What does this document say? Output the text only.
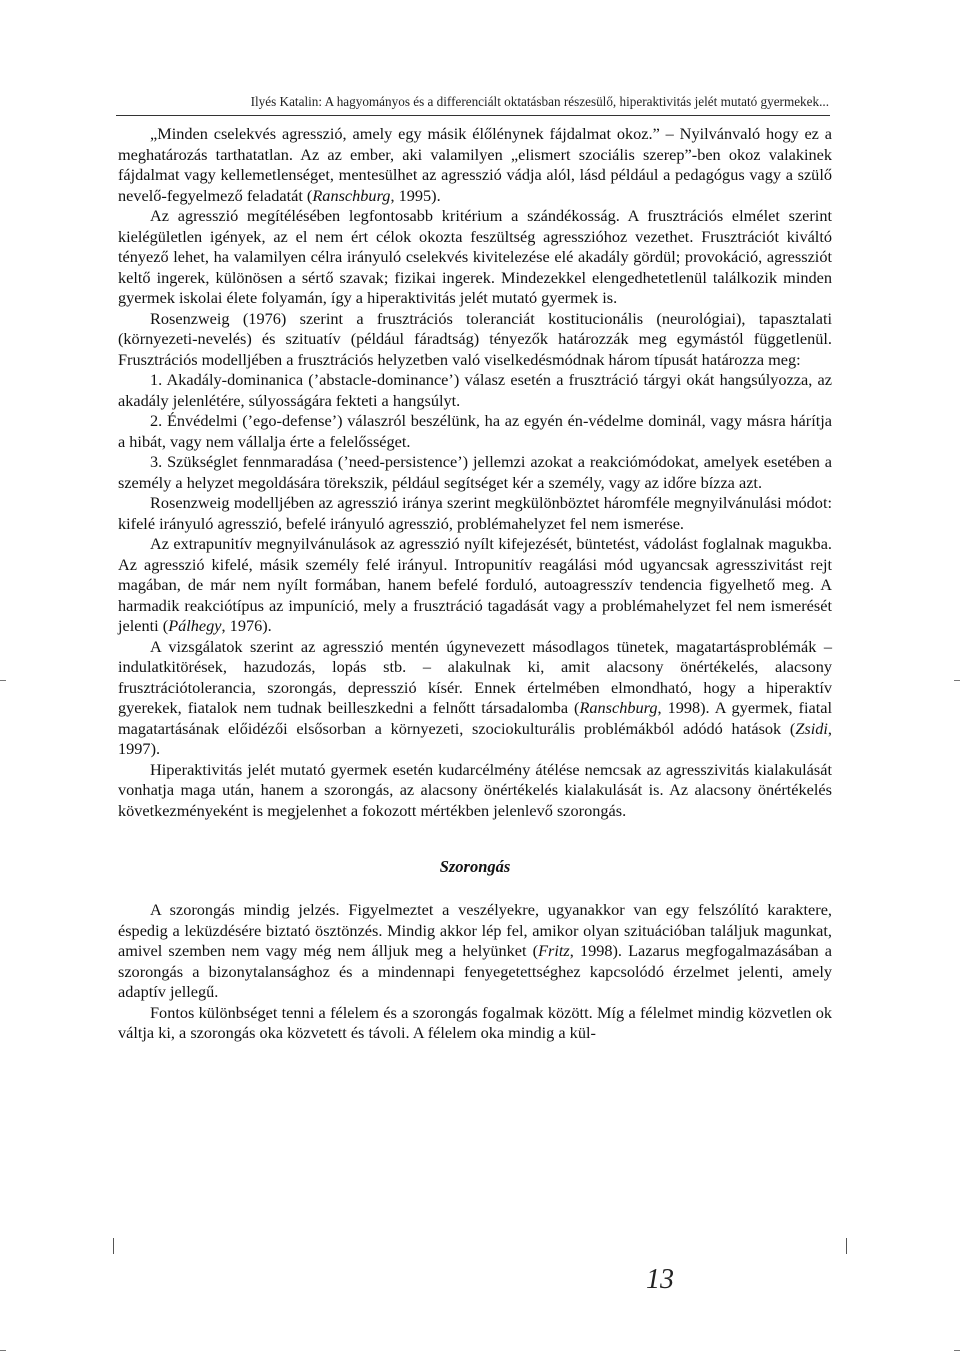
Ilyés Katalin: A hagyományos és a differenciált oktatásban részesülő, hiperaktivitás jelét mutató gyermekek...

„Minden cselekvés agresszió, amely egy másik élőlénynek fájdalmat okoz.” – Nyilvánvaló hogy ez a meghatározás tarthatatlan. Az az ember, aki valamilyen „elismert szociális szerep”-ben okoz valakinek fájdalmat vagy kellemetlenséget, mentesülhet az agresszió vádja alól, lásd például a pedagógus vagy a szülő nevelő-fegyelmező feladatát (Ranschburg, 1995).

Az agresszió megítélésében legfontosabb kritérium a szándékosság. A frusztrációs elmélet szerint kielégületlen igények, az el nem ért célok okozta feszültség agresszióhoz vezethet. Frusztrációt kiváltó tényező lehet, ha valamilyen célra irányuló cselekvés kivitelezése elé akadály gördül; provokáció, agressziót keltő ingerek, különösen a sértő szavak; fizikai ingerek. Mindezekkel elengedhetetlenül találkozik minden gyermek iskolai élete folyamán, így a hiperaktivitás jelét mutató gyermek is.

Rosenzweig (1976) szerint a frusztrációs toleranciát kostitucionális (neurológiai), tapasztalati (környezeti-nevelés) és szituatív (például fáradtság) tényezők határozzák meg egymástól függetlenül. Frusztrációs modelljében a frusztrációs helyzetben való viselkedésmódnak három típusát határozza meg:

1. Akadály-dominanica (’abstacle-dominance’) válasz esetén a frusztráció tárgyi okát hangsúlyozza, az akadály jelenlétére, súlyosságára fekteti a hangsúlyt.

2. Énvédelmi (’ego-defense’) válaszról beszélünk, ha az egyén én-védelme dominál, vagy másra hárítja a hibát, vagy nem vállalja érte a felelősséget.

3. Szükséglet fennmaradása (’need-persistence’) jellemzi azokat a reakciómódokat, amelyek esetében a személy a helyzet megoldására törekszik, például segítséget kér a személy, vagy az időre bízza azt.

Rosenzweig modelljében az agresszió iránya szerint megkülönböztet háromféle megnyilvánulási módot: kifelé irányuló agresszió, befelé irányuló agresszió, problémahelyzet fel nem ismerése.

Az extrapunitív megnyilvánulások az agresszió nyílt kifejezését, büntetést, vádolást foglalnak magukba. Az agresszió kifelé, másik személy felé irányul. Intropunitív reagálási mód ugyancsak agresszivitást rejt magában, de már nem nyílt formában, hanem befelé forduló, autoagresszív tendencia figyelhető meg. A harmadik reakciótípus az impuníció, mely a frusztráció tagadását vagy a problémahelyzet fel nem ismerését jelenti (Pálhegy, 1976).

A vizsgálatok szerint az agresszió mentén úgynevezett másodlagos tünetek, magatartásproblémák – indulatkitörések, hazudozás, lopás stb. – alakulnak ki, amit alacsony önértékelés, alacsony frusztrációtolerancia, szorongás, depresszió kísér. Ennek értelmében elmondható, hogy a hiperaktív gyerekek, fiatalok nem tudnak beilleszkedni a felnőtt társadalomba (Ranschburg, 1998). A gyermek, fiatal magatartásának előidézői elsősorban a környezeti, szociokulturális problémákból adódó hatások (Zsidi, 1997).

Hiperaktivitás jelét mutató gyermek esetén kudarcélmény átélése nemcsak az agresszivitás kialakulását vonhatja maga után, hanem a szorongás, az alacsony önértékelés kialakulását is. Az alacsony önértékelés következményeként is megjelenhet a fokozott mértékben jelenlevő szorongás.

Szorongás

A szorongás mindig jelzés. Figyelmeztet a veszélyekre, ugyanakkor van egy felszólító karaktere, éspedig a leküzdésére biztató ösztönzés. Mindig akkor lép fel, amikor olyan szituációban találjuk magunkat, amivel szemben nem vagy még nem álljuk meg a helyünket (Fritz, 1998). Lazarus megfogalmazásában a szorongás a bizonytalansághoz és a mindennapi fenyegetettséghez kapcsolódó érzelmet jelenti, amely adaptív jellegű.

Fontos különbséget tenni a félelem és a szorongás fogalmak között. Míg a félelmet mindig közvetlen ok váltja ki, a szorongás oka közvetett és távoli. A félelem oka mindig a kül-

13
